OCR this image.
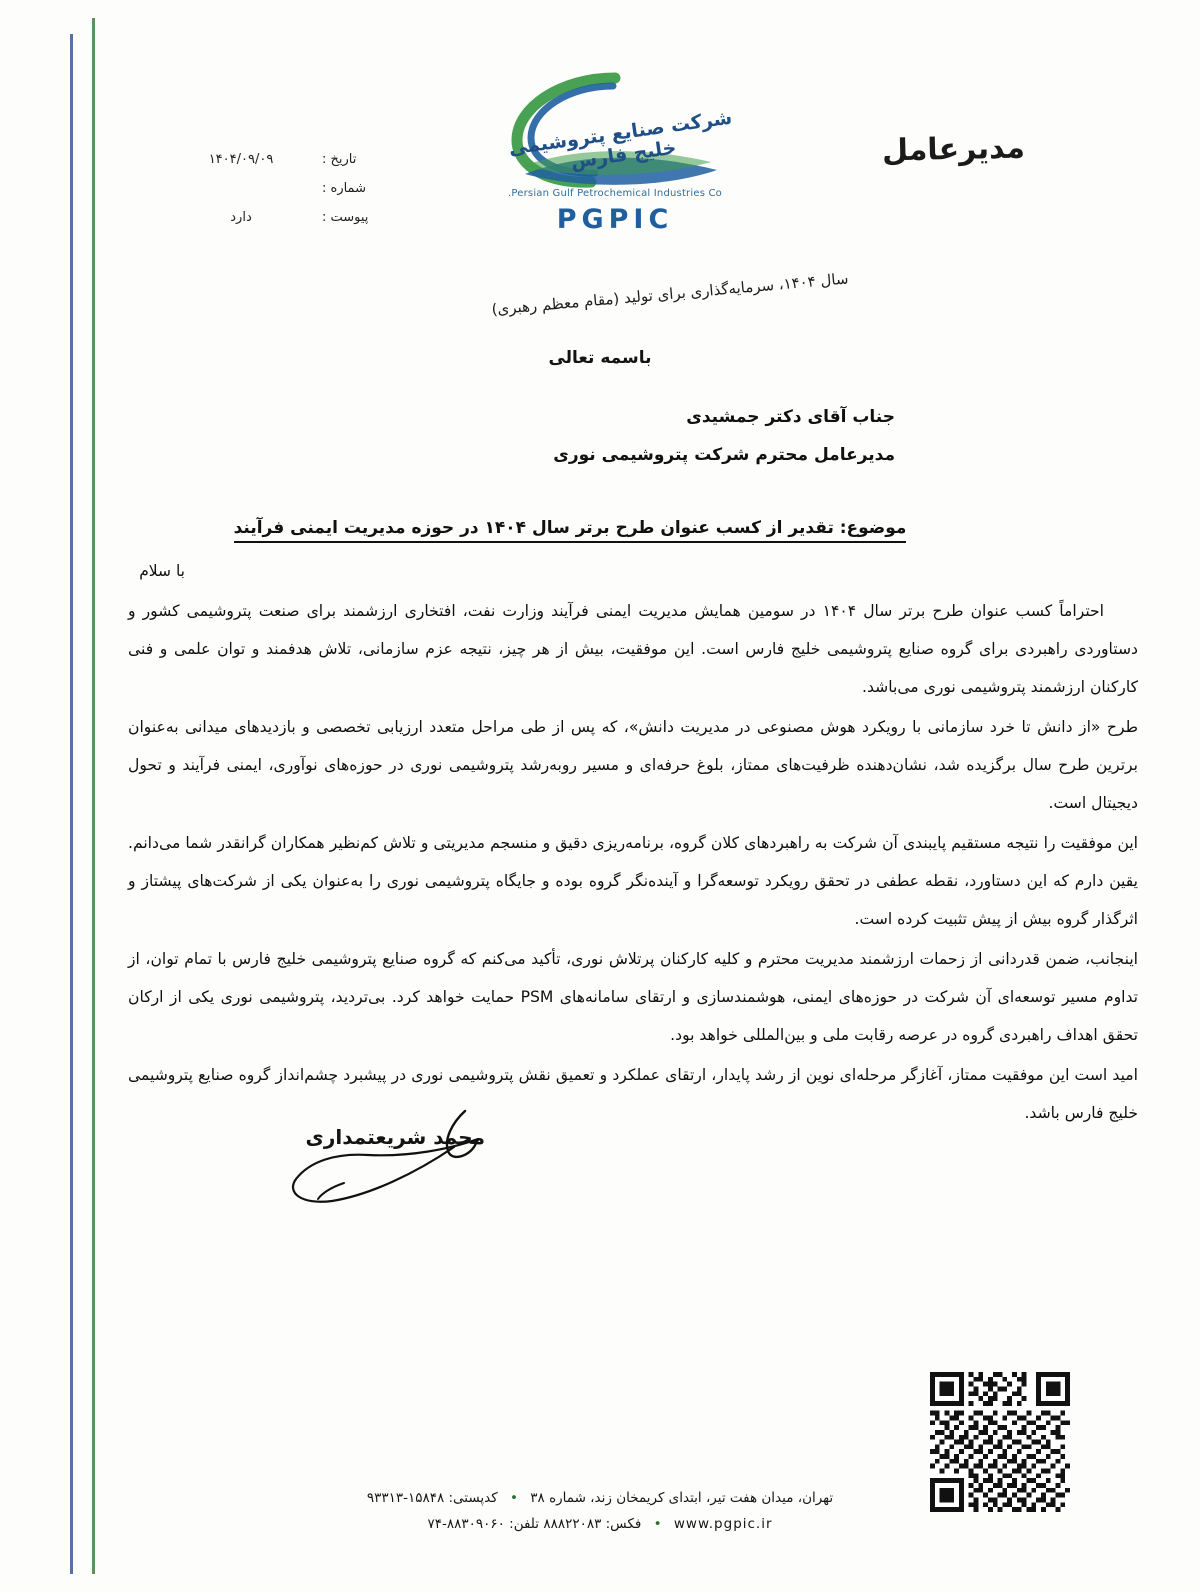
مدیرعامل
تاریخ :
۱۴۰۴/۰۹/۰۹
شماره :
پیوست :
دارد
شرکت صنایع پتروشیمی خلیج فارس
Persian Gulf Petrochemical Industries Co.
PGPIC
سال ۱۴۰۴، سرمایه‌گذاری برای تولید (مقام معظم رهبری)
باسمه تعالی
جناب آقای دکتر جمشیدی
مدیرعامل محترم شرکت پتروشیمی نوری
موضوع: تقدیر از کسب عنوان طرح برتر سال ۱۴۰۴ در حوزه مدیریت ایمنی فرآیند
با سلام

احتراماً کسب عنوان طرح برتر سال ۱۴۰۴ در سومین همایش مدیریت ایمنی فرآیند وزارت نفت، افتخاری ارزشمند برای صنعت پتروشیمی کشور و دستاوردی راهبردی برای گروه صنایع پتروشیمی خلیج فارس است. این موفقیت، بیش از هر چیز، نتیجه عزم سازمانی، تلاش هدفمند و توان علمی و فنی کارکنان ارزشمند پتروشیمی نوری می‌باشد.

طرح «از دانش تا خرد سازمانی با رویکرد هوش مصنوعی در مدیریت دانش»، که پس از طی مراحل متعدد ارزیابی تخصصی و بازدیدهای میدانی به‌عنوان برترین طرح سال برگزیده شد، نشان‌دهنده ظرفیت‌های ممتاز، بلوغ حرفه‌ای و مسیر روبه‌رشد پتروشیمی نوری در حوزه‌های نوآوری، ایمنی فرآیند و تحول دیجیتال است.

این موفقیت را نتیجه مستقیم پایبندی آن شرکت به راهبردهای کلان گروه، برنامه‌ریزی دقیق و منسجم مدیریتی و تلاش کم‌نظیر همکاران گرانقدر شما می‌دانم. یقین دارم که این دستاورد، نقطه عطفی در تحقق رویکرد توسعه‌گرا و آینده‌نگر گروه بوده و جایگاه پتروشیمی نوری را به‌عنوان یکی از شرکت‌های پیشتاز و اثرگذار گروه بیش از پیش تثبیت کرده است.

اینجانب، ضمن قدردانی از زحمات ارزشمند مدیریت محترم و کلیه کارکنان پرتلاش نوری، تأکید می‌کنم که گروه صنایع پتروشیمی خلیج فارس با تمام توان، از تداوم مسیر توسعه‌ای آن شرکت در حوزه‌های ایمنی، هوشمندسازی و ارتقای سامانه‌های PSM حمایت خواهد کرد. بی‌تردید، پتروشیمی نوری یکی از ارکان تحقق اهداف راهبردی گروه در عرصه رقابت ملی و بین‌المللی خواهد بود.

امید است این موفقیت ممتاز، آغازگر مرحله‌ای نوین از رشد پایدار، ارتقای عملکرد و تعمیق نقش پتروشیمی نوری در پیشبرد چشم‌انداز گروه صنایع پتروشیمی خلیج فارس باشد.

محمد شریعتمداری
تهران، میدان هفت تیر، ابتدای کریمخان زند، شماره ۳۸ • کدپستی: ۱۵۸۴۸-۹۳۳۱۳
www.pgpic.ir • فکس: ۸۸۸۲۲۰۸۳ تلفن: ۸۸۳۰۹۰۶۰-۷۴
